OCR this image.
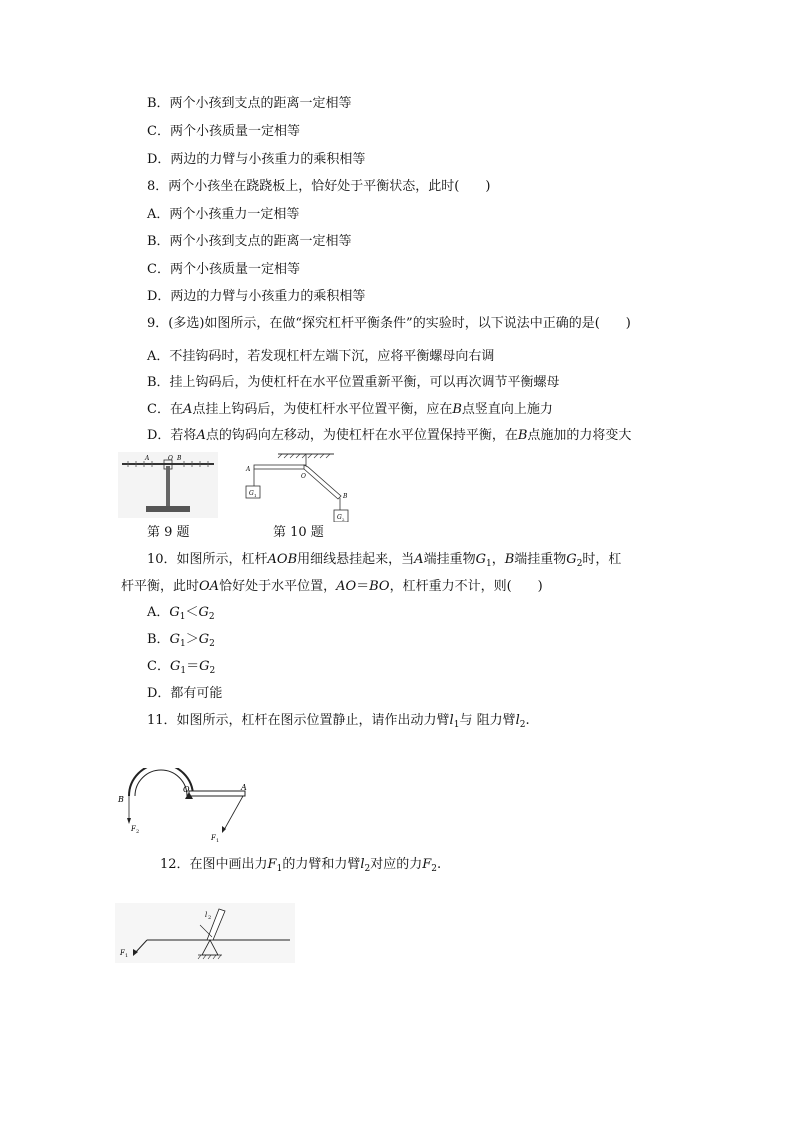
B．两个小孩到支点的距离一定相等
C．两个小孩质量一定相等
D．两边的力臂与小孩重力的乘积相等
8．两个小孩坐在跷跷板上，恰好处于平衡状态，此时(　　)
A．两个小孩重力一定相等
B．两个小孩到支点的距离一定相等
C．两个小孩质量一定相等
D．两边的力臂与小孩重力的乘积相等
9．(多选)如图所示，在做“探究杠杆平衡条件”的实验时，以下说法中正确的是(　　)
A．不挂钩码时，若发现杠杆左端下沉，应将平衡螺母向右调
B．挂上钩码后，为使杠杆在水平位置重新平衡，可以再次调节平衡螺母
C．在A点挂上钩码后，为使杠杆水平位置平衡，应在B点竖直向上施力
D．若将A点的钩码向左移动，为使杠杆在水平位置保持平衡，在B点施加的力将变大
A	O B
第 9 题
A
O
B
G 1
G 2
第 10 题
10．如图所示，杠杆AOB用细线悬挂起来，当A端挂重物$G_1$，B端挂重物$G_2$时，杠
杆平衡，此时OA恰好处于水平位置，AO＝BO，杠杆重力不计，则(　　)
A．$G_1<G_2$
B．$G_1>G_2$
C．$G_1=G_2$
D．都有可能
11．如图所示，杠杆在图示位置静止，请作出动力臂$l_1$与 阻力臂$l_2$.
B
O	A
F 2
F 1
12．在图中画出力$F_1$的力臂和力臂$l_2$对应的力$F_2$.
l 2
F 1
